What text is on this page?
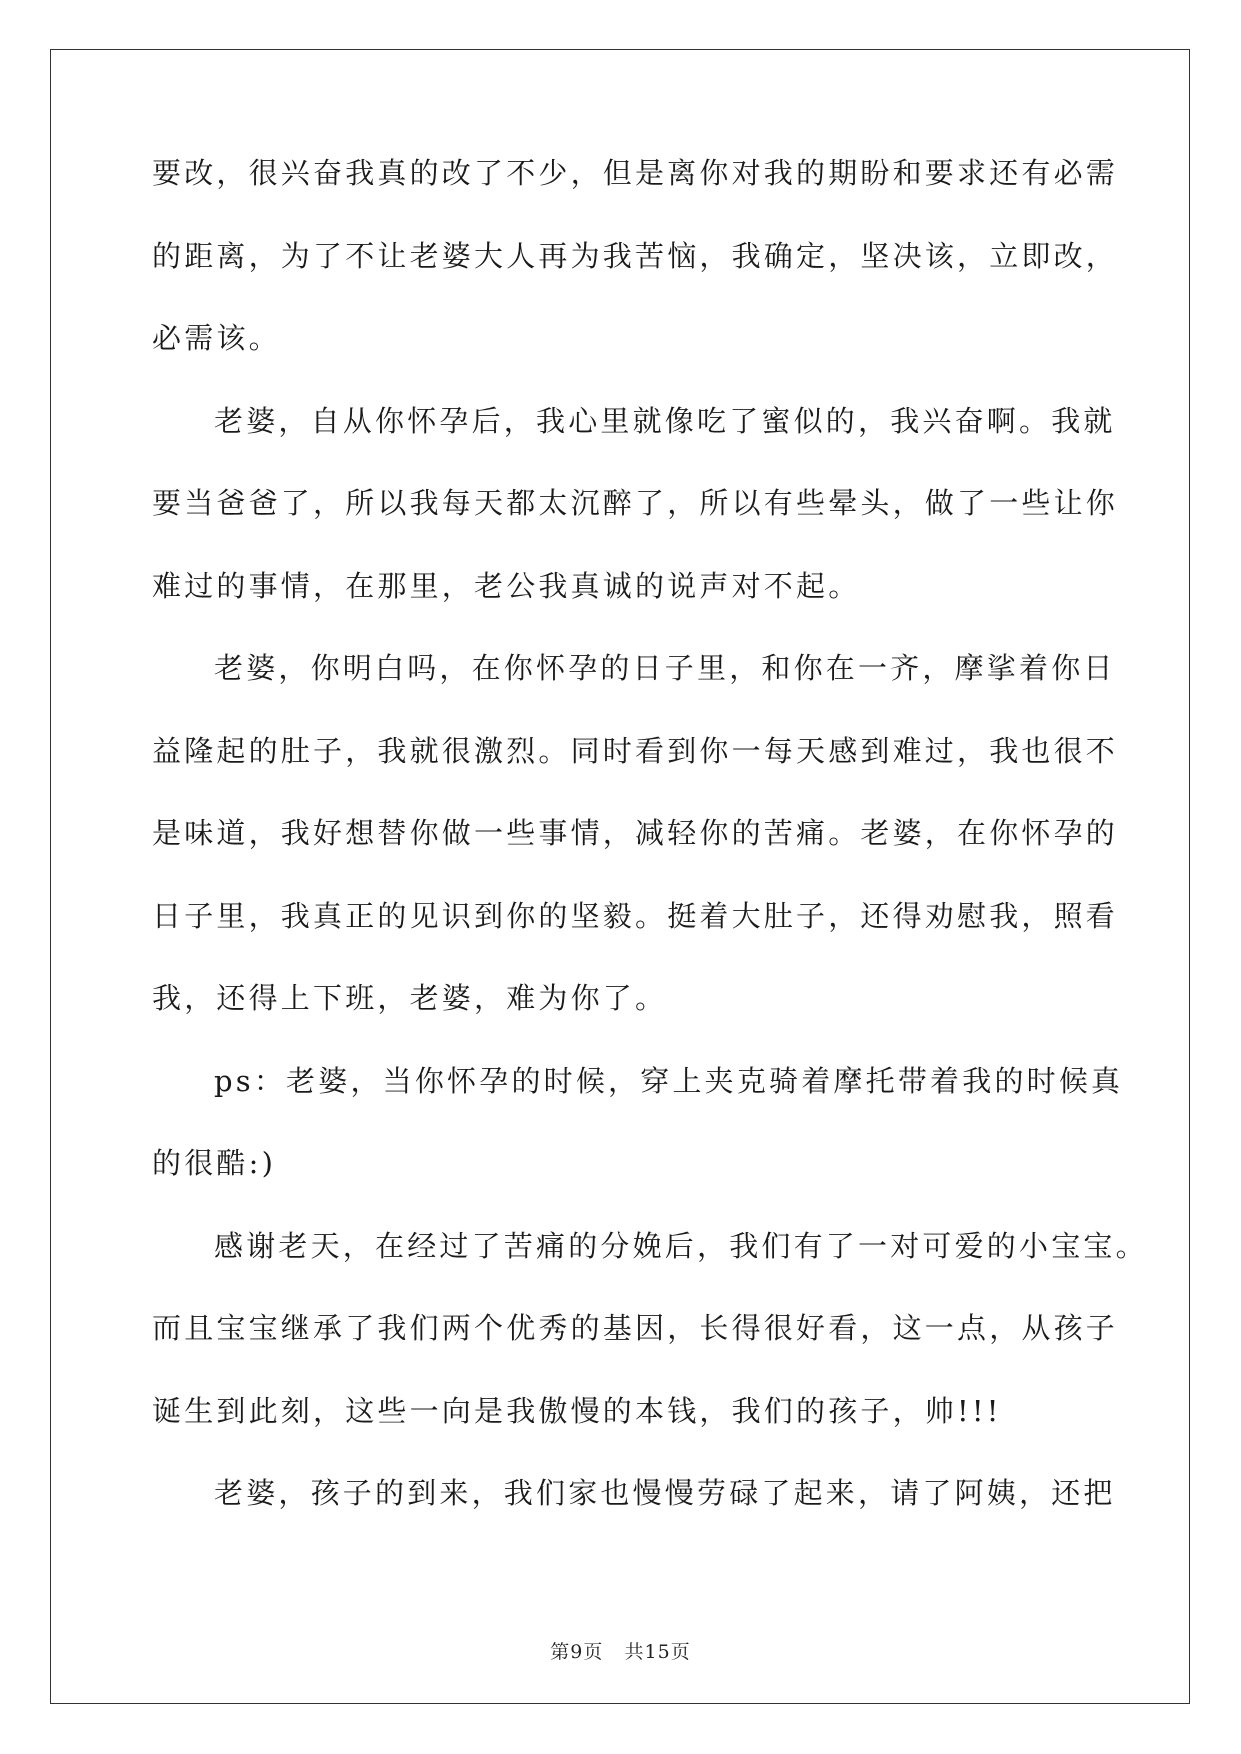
要改，很兴奋我真的改了不少，但是离你对我的期盼和要求还有必需
的距离，为了不让老婆大人再为我苦恼，我确定，坚决该，立即改，
必需该。
老婆，自从你怀孕后，我心里就像吃了蜜似的，我兴奋啊。我就
要当爸爸了，所以我每天都太沉醉了，所以有些晕头，做了一些让你
难过的事情，在那里，老公我真诚的说声对不起。
老婆，你明白吗，在你怀孕的日子里，和你在一齐，摩挲着你日
益隆起的肚子，我就很激烈。同时看到你一每天感到难过，我也很不
是味道，我好想替你做一些事情，减轻你的苦痛。老婆，在你怀孕的
日子里，我真正的见识到你的坚毅。挺着大肚子，还得劝慰我，照看
我，还得上下班，老婆，难为你了。
ps：老婆，当你怀孕的时候，穿上夹克骑着摩托带着我的时候真
的很酷:)
感谢老天，在经过了苦痛的分娩后，我们有了一对可爱的小宝宝。
而且宝宝继承了我们两个优秀的基因，长得很好看，这一点，从孩子
诞生到此刻，这些一向是我傲慢的本钱，我们的孩子，帅!!!
老婆，孩子的到来，我们家也慢慢劳碌了起来，请了阿姨，还把
第9页 共15页
